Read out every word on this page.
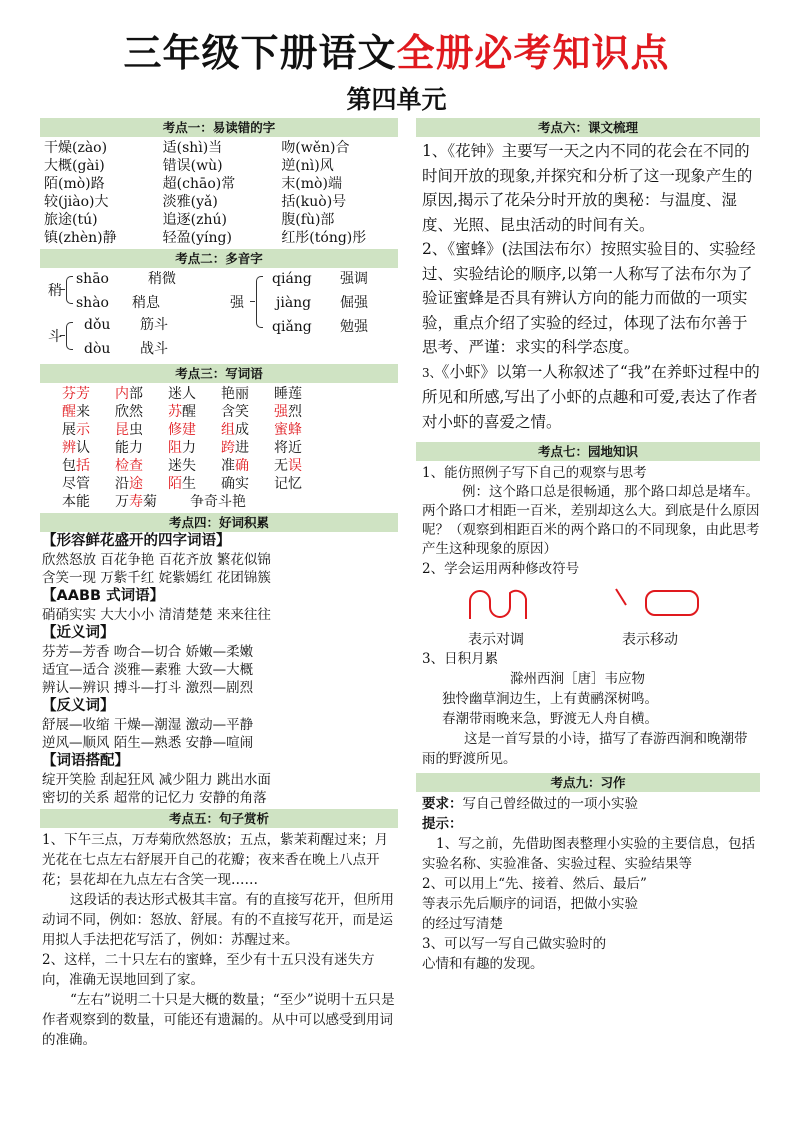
三年级下册语文全册必考知识点
第四单元
考点一：易读错的字
干燥(zào)	适(shì)当	吻(wěn)合
大概(gài)	错误(wù)	逆(nì)风
陌(mò)路	超(chāo)常	末(mò)端
较(jiào)大	淡雅(yǎ)	括(kuò)号
旅途(tú)	追逐(zhú)	腹(fù)部
镇(zhèn)静	轻盈(yíng)	红彤(tóng)彤
考点二：多音字
稍
shāo	稍微
shào 稍息
斗
dǒu 筋斗
dòu 战斗
强
qiáng 强调
jiàng 倔强
qiǎng 勉强
考点三：写词语
芬芳	内部	迷人	艳丽	睡莲
醒来	欣然	苏醒	含笑	强烈
展示	昆虫	修建	组成	蜜蜂
辨认	能力	阻力	跨进	将近
包括	检查	迷失	准确	无误
尽管	沿途	陌生	确实	记忆
本能	万寿菊	争奇斗艳
考点四：好词积累
【形容鲜花盛开的四字词语】
欣然怒放 百花争艳 百花齐放 繁花似锦
含笑一现 万紫千红 姹紫嫣红 花团锦簇
【AABB 式词语】
硝硝实实 大大小小 清清楚楚 来来往往
【近义词】
芬芳—芳香 吻合—切合 娇嫩—柔嫩
适宜—适合 淡雅—素雅 大致—大概
辨认—辨识 搏斗—打斗 激烈—剧烈
【反义词】
舒展—收缩 干燥—潮湿 激动—平静
逆风—顺风 陌生—熟悉 安静—喧闹
【词语搭配】
绽开笑脸 刮起狂风 减少阻力 跳出水面
密切的关系 超常的记忆力 安静的角落
考点五：句子赏析
1、下午三点，万寿菊欣然怒放；五点，紫茉莉醒过来；月光花在七点左右舒展开自己的花瓣；夜来香在晚上八点开花；昙花却在九点左右含笑一现……
这段话的表达形式极其丰富。有的直接写花开，但所用动词不同，例如：怒放、舒展。有的不直接写花开，而是运用拟人手法把花写活了，例如：苏醒过来。
2、这样，二十只左右的蜜蜂，至少有十五只没有迷失方向，准确无误地回到了家。
“左右”说明二十只是大概的数量；“至少”说明十五只是作者观察到的数量，可能还有遗漏的。从中可以感受到用词的准确。
考点六：课文梳理
1、《花钟》主要写一天之内不同的花会在不同的时间开放的现象,并探究和分析了这一现象产生的原因,揭示了花朵分时开放的奥秘：与温度、湿度、光照、昆虫活动的时间有关。
2、《蜜蜂》(法国法布尔）按照实验目的、实验经过、实验结论的顺序,以第一人称写了法布尔为了验证蜜蜂是否具有辨认方向的能力而做的一项实验，重点介绍了实验的经过，体现了法布尔善于思考、严谨：求实的科学态度。
3、《小虾》以第一人称叙述了“我”在养虾过程中的所见和所感,写出了小虾的点趣和可爱,表达了作者对小虾的喜爱之情。
考点七：园地知识
1、能仿照例子写下自己的观察与思考
例：这个路口总是很畅通，那个路口却总是堵车。两个路口才相距一百米，差别却这么大。到底是什么原因呢？（观察到相距百米的两个路口的不同现象，由此思考产生这种现象的原因）
2、学会运用两种修改符号
表示对调	表示移动
3、日积月累
滁州西涧［唐］韦应物
独怜幽草涧边生，上有黄鹂深树鸣。
春潮带雨晚来急，野渡无人舟自横。
这是一首写景的小诗，描写了春游西涧和晚潮带雨的野渡所见。
考点九：习作
要求：写自己曾经做过的一项小实验
提示：
1、写之前，先借助图表整理小实验的主要信息，包括实验名称、实验准备、实验过程、实验结果等
2、可以用上“先、接着、然后、最后”
等表示先后顺序的词语，把做小实验
的经过写清楚
3、可以写一写自己做实验时的
心情和有趣的发现。
